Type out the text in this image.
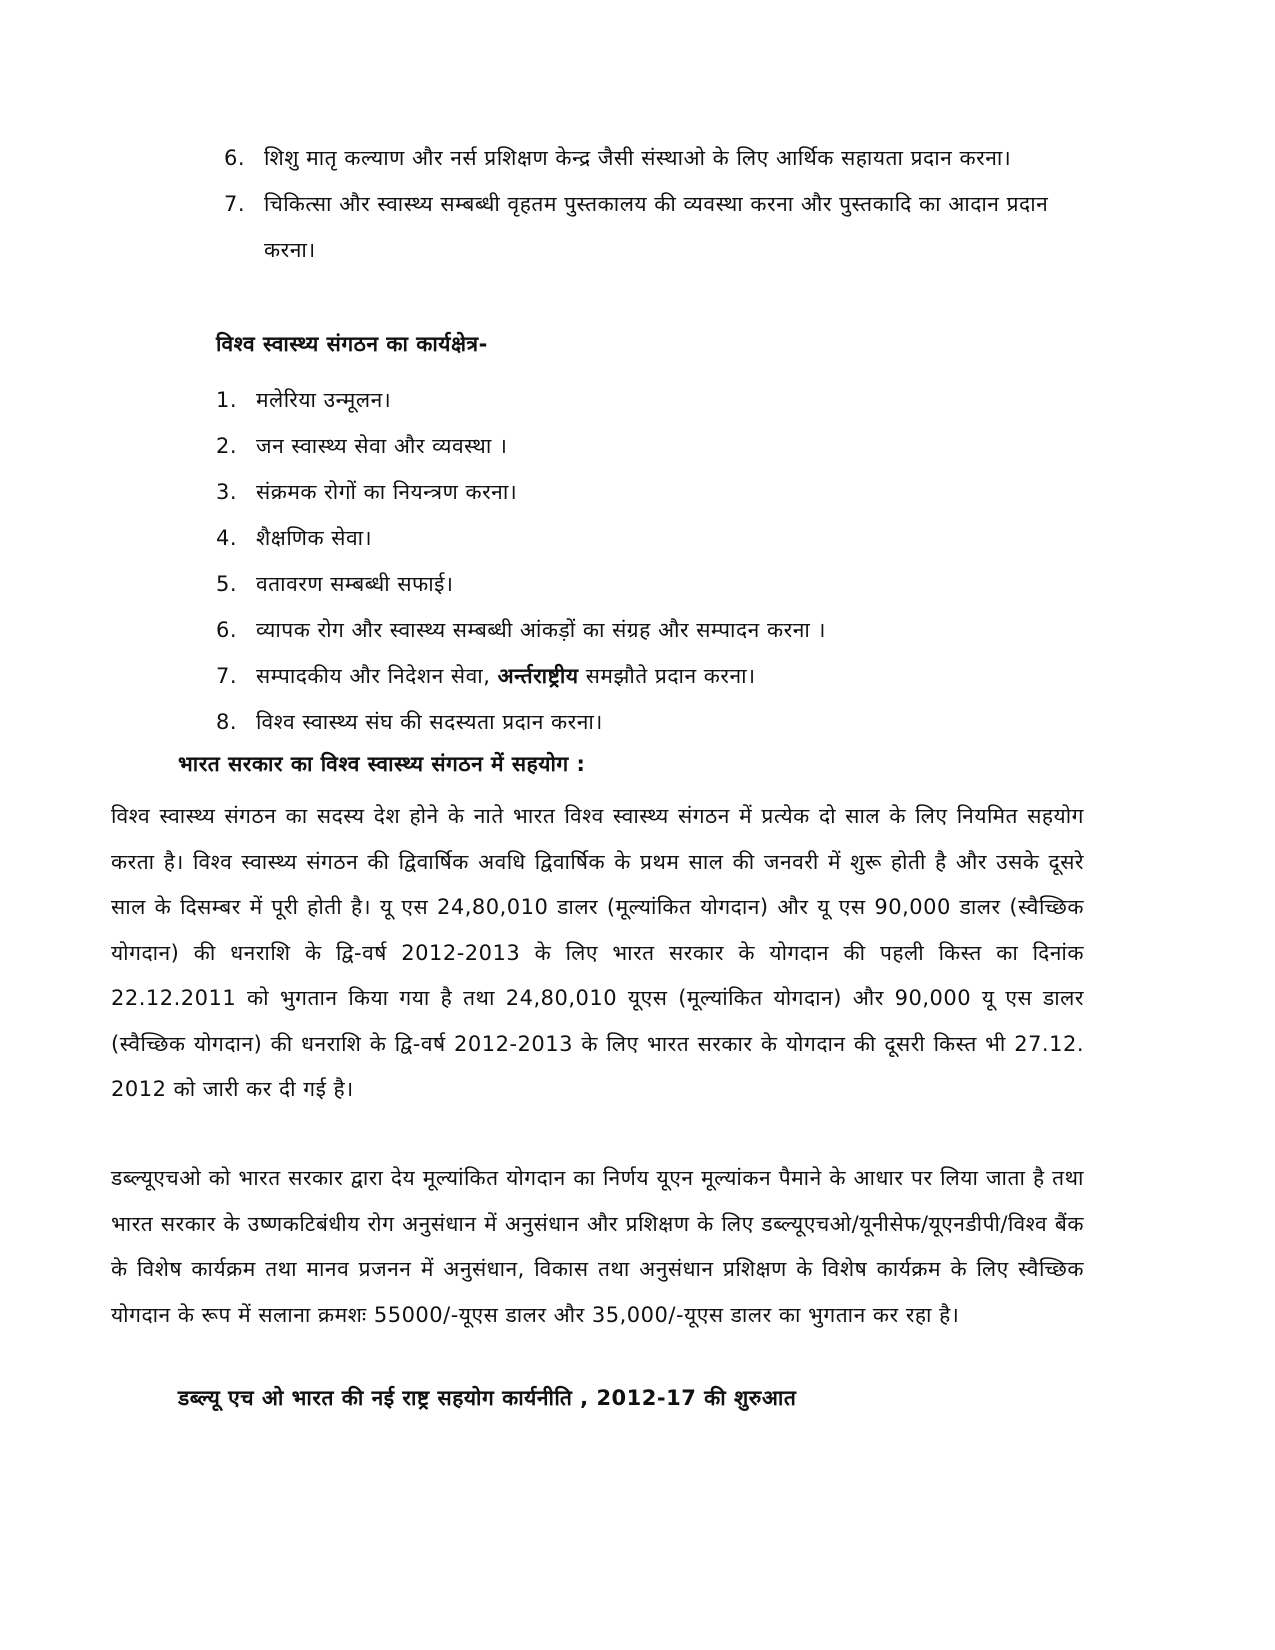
6. शिशु मातृ कल्याण और नर्स प्रशिक्षण केन्द्र जैसी संस्थाओ के लिए आर्थिक सहायता प्रदान करना।
7. चिकित्सा और स्वास्थ्य सम्बब्धी वृहतम पुस्तकालय की व्यवस्था करना और पुस्तकादि का आदान प्रदान करना।
विश्व स्वास्थ्य संगठन का कार्यक्षेत्र-
1. मलेरिया उन्मूलन।
2. जन स्वास्थ्य सेवा और व्यवस्था ।
3. संक्रमक रोगों का नियन्त्रण करना।
4. शैक्षणिक सेवा।
5. वतावरण सम्बब्धी सफाई।
6. व्यापक रोग और स्वास्थ्य सम्बब्धी आंकड़ों का संग्रह और सम्पादन करना ।
7. सम्पादकीय और निदेशन सेवा, अर्न्तराष्ट्रीय समझौते प्रदान करना।
8. विश्व स्वास्थ्य संघ की सदस्यता प्रदान करना।
भारत सरकार का विश्व स्वास्थ्य संगठन में सहयोग :

विश्व स्वास्थ्य संगठन का सदस्य देश होने के नाते भारत विश्व स्वास्थ्य संगठन में प्रत्येक दो साल के लिए नियमित सहयोग करता है। विश्व स्वास्थ्य संगठन की द्विवार्षिक अवधि द्विवार्षिक के प्रथम साल की जनवरी में शुरू होती है और उसके दूसरे साल के दिसम्बर में पूरी होती है। यू एस 24,80,010 डालर (मूल्यांकित योगदान) और यू एस 90,000 डालर (स्वैच्छिक योगदान) की धनराशि के द्वि-वर्ष 2012-2013 के लिए भारत सरकार के योगदान की पहली किस्त का दिनांक 22.12.2011 को भुगतान किया गया है तथा 24,80,010 यूएस (मूल्यांकित योगदान) और 90,000 यू एस डालर (स्वैच्छिक योगदान) की धनराशि के द्वि-वर्ष 2012-2013 के लिए भारत सरकार के योगदान की दूसरी किस्त भी 27.12. 2012 को जारी कर दी गई है।

डब्ल्यूएचओ को भारत सरकार द्वारा देय मूल्यांकित योगदान का निर्णय यूएन मूल्यांकन पैमाने के आधार पर लिया जाता है तथा भारत सरकार के उष्णकटिबंधीय रोग अनुसंधान में अनुसंधान और प्रशिक्षण के लिए डब्ल्यूएचओ/यूनीसेफ/यूएनडीपी/विश्व बैंक के विशेष कार्यक्रम तथा मानव प्रजनन में अनुसंधान, विकास तथा अनुसंधान प्रशिक्षण के विशेष कार्यक्रम के लिए स्वैच्छिक योगदान के रूप में सलाना क्रमशः 55000/-यूएस डालर और 35,000/-यूएस डालर का भुगतान कर रहा है।

डब्ल्यू एच ओ भारत की नई राष्ट्र सहयोग कार्यनीति , 2012-17 की शुरुआत
